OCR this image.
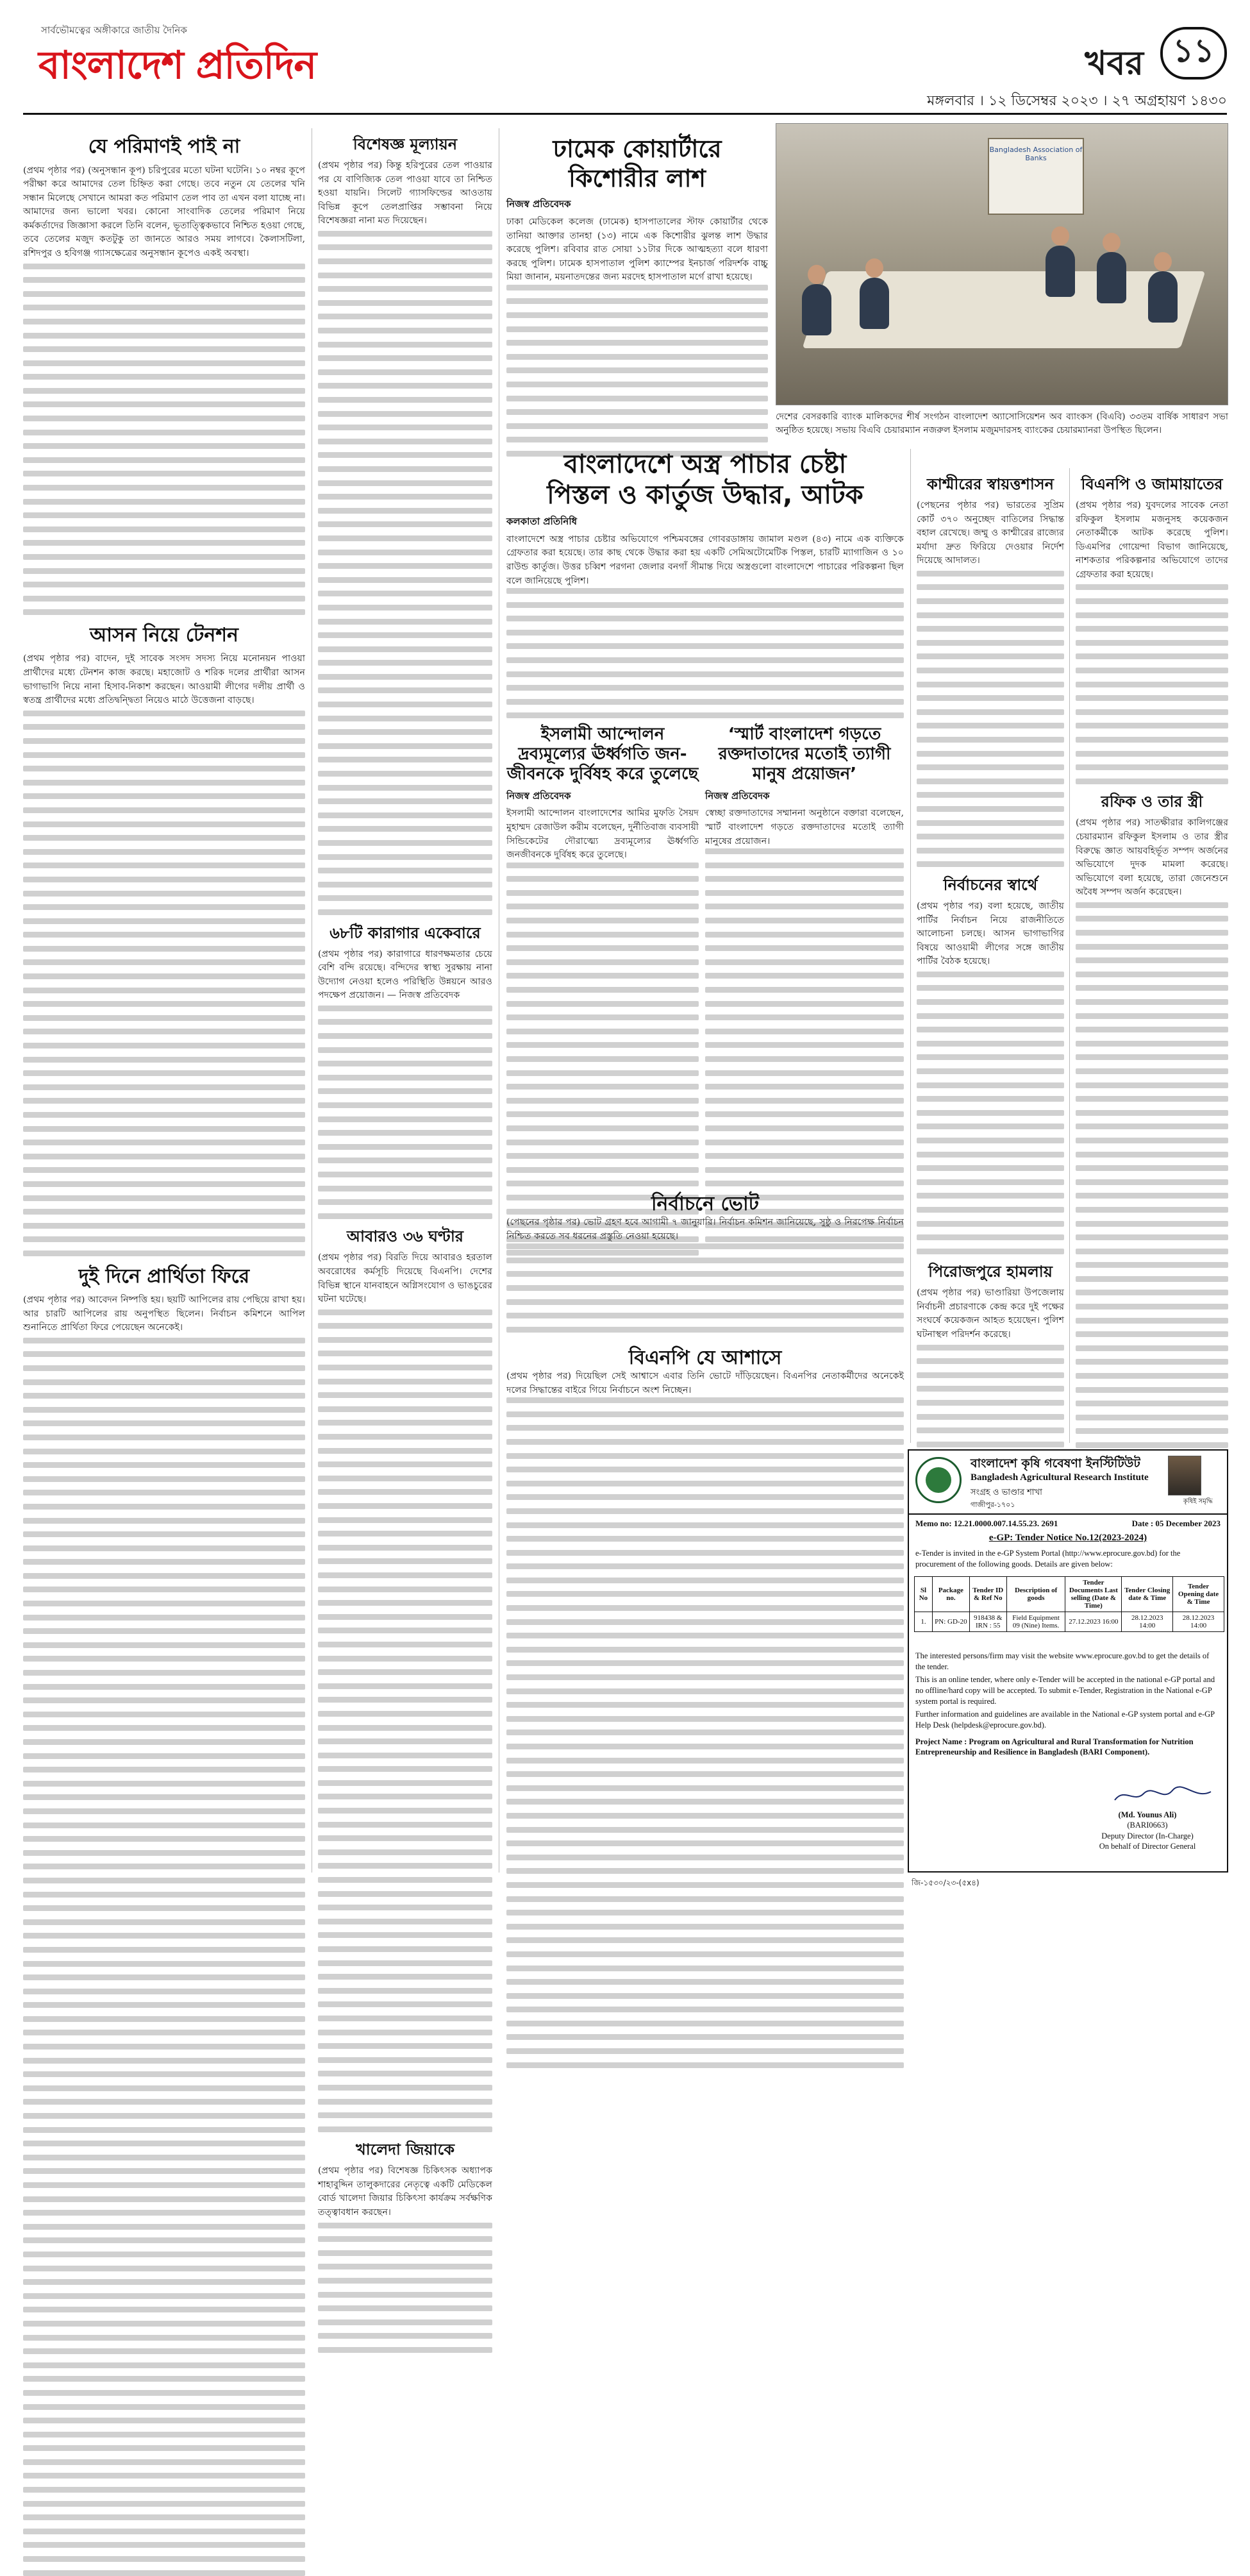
সার্বভৌমত্বের অঙ্গীকারে জাতীয় দৈনিক
বাংলাদেশ প্রতিদিন	খবর ১১
মঙ্গলবার । ১২ ডিসেম্বর ২০২৩ । ২৭ অগ্রহায়ণ ১৪৩০
যে পরিমাণই পাই না

(প্রথম পৃষ্ঠার পর) (অনুসন্ধান কূপ) চরিপুরের মতো ঘটনা ঘটেনি। ১০ নম্বর কূপে পরীক্ষা করে আমাদের তেল চিহ্নিত করা গেছে। তবে নতুন যে তেলের খনি সন্ধান মিলেছে সেখানে আমরা কত পরিমাণ তেল পাব তা এখন বলা যাচ্ছে না। আমাদের জন্য ভালো খবর। কোনো সাংবাদিক তেলের পরিমাণ নিয়ে কর্মকর্তাদের জিজ্ঞাসা করলে তিনি বলেন, ভূতাত্ত্বিকভাবে নিশ্চিত হওয়া গেছে, তবে তেলের মজুদ কতটুকু তা জানতে আরও সময় লাগবে। কৈলাসটিলা, রশিদপুর ও হবিগঞ্জ গ্যাসক্ষেত্রের অনুসন্ধান কূপেও একই অবস্থা।

আসন নিয়ে টেনশন

(প্রথম পৃষ্ঠার পর) বাদেন, দুই সাবেক সংসদ সদস্য নিয়ে মনোনয়ন পাওয়া প্রার্থীদের মধ্যে টেনশন কাজ করছে। মহাজোট ও শরিক দলের প্রার্থীরা আসন ভাগাভাগি নিয়ে নানা হিসাব-নিকাশ করছেন। আওয়ামী লীগের দলীয় প্রার্থী ও স্বতন্ত্র প্রার্থীদের মধ্যে প্রতিদ্বন্দ্বিতা নিয়েও মাঠে উত্তেজনা বাড়ছে।

দুই দিনে প্রার্থিতা ফিরে

(প্রথম পৃষ্ঠার পর) আবেদন নিষ্পত্তি হয়। ছয়টি আপিলের রায় পেছিয়ে রাখা হয়। আর চারটি আপিলের রায় অনুপস্থিত ছিলেন। নির্বাচন কমিশনে আপিল শুনানিতে প্রার্থিতা ফিরে পেয়েছেন অনেকেই।

বিশেষজ্ঞ মূল্যায়ন

(প্রথম পৃষ্ঠার পর) কিন্তু হরিপুরের তেল পাওয়ার পর যে বাণিজ্যিক তেল পাওয়া যাবে তা নিশ্চিত হওয়া যায়নি। সিলেট গ্যাসফিল্ডের আওতায় বিভিন্ন কূপে তেলপ্রাপ্তির সম্ভাবনা নিয়ে বিশেষজ্ঞরা নানা মত দিয়েছেন।

৬৮টি কারাগার একেবারে

(প্রথম পৃষ্ঠার পর) কারাগারে ধারণক্ষমতার চেয়ে বেশি বন্দি রয়েছে। বন্দিদের স্বাস্থ্য সুরক্ষায় নানা উদ্যোগ নেওয়া হলেও পরিস্থিতি উন্নয়নে আরও পদক্ষেপ প্রয়োজন। — নিজস্ব প্রতিবেদক

আবারও ৩৬ ঘণ্টার

(প্রথম পৃষ্ঠার পর) বিরতি দিয়ে আবারও হরতাল অবরোধের কর্মসূচি দিয়েছে বিএনপি। দেশের বিভিন্ন স্থানে যানবাহনে অগ্নিসংযোগ ও ভাঙচুরের ঘটনা ঘটেছে।

খালেদা জিয়াকে

(প্রথম পৃষ্ঠার পর) বিশেষজ্ঞ চিকিৎসক অধ্যাপক শাহাবুদ্দিন তালুকদারের নেতৃত্বে একটি মেডিকেল বোর্ড খালেদা জিয়ার চিকিৎসা কার্যক্রম সর্বক্ষণিক তত্ত্বাবধান করছেন।

ঢামেক কোয়ার্টারে
কিশোরীর লাশ
নিজস্ব প্রতিবেদক

ঢাকা মেডিকেল কলেজ (ঢামেক) হাসপাতালের স্টাফ কোয়ার্টার থেকে তানিয়া আক্তার তানহা (১৩) নামে এক কিশোরীর ঝুলন্ত লাশ উদ্ধার করেছে পুলিশ। রবিবার রাত সোয়া ১১টার দিকে আত্মহত্যা বলে ধারণা করছে পুলিশ। ঢামেক হাসপাতাল পুলিশ ক্যাম্পের ইনচার্জ পরিদর্শক বাচ্চু মিয়া জানান, ময়নাতদন্তের জন্য মরদেহ হাসপাতাল মর্গে রাখা হয়েছে।

Bangladesh Association of Banks
দেশের বেসরকারি ব্যাংক মালিকদের শীর্ষ সংগঠন বাংলাদেশ অ্যাসোসিয়েশন অব ব্যাংকস (বিএবি) ৩৩তম বার্ষিক সাধারণ সভা অনুষ্ঠিত হয়েছে। সভায় বিএবি চেয়ারম্যান নজরুল ইসলাম মজুমদারসহ ব্যাংকের চেয়ারম্যানরা উপস্থিত ছিলেন।
বাংলাদেশে অস্ত্র পাচার চেষ্টা
পিস্তল ও কার্তুজ উদ্ধার, আটক
কলকাতা প্রতিনিধি

বাংলাদেশে অস্ত্র পাচার চেষ্টার অভিযোগে পশ্চিমবঙ্গের গোবরডাঙ্গায় জামাল মণ্ডল (৪৩) নামে এক ব্যক্তিকে গ্রেফতার করা হয়েছে। তার কাছ থেকে উদ্ধার করা হয় একটি সেমিঅটোমেটিক পিস্তল, চারটি ম্যাগাজিন ও ১০ রাউন্ড কার্তুজ। উত্তর চব্বিশ পরগনা জেলার বনগাঁ সীমান্ত দিয়ে অস্ত্রগুলো বাংলাদেশে পাচারের পরিকল্পনা ছিল বলে জানিয়েছে পুলিশ।

ইসলামী আন্দোলন দ্রব্যমূল্যের ঊর্ধ্বগতি জন-জীবনকে দুর্বিষহ করে তুলেছে
নিজস্ব প্রতিবেদক

ইসলামী আন্দোলন বাংলাদেশের আমির মুফতি সৈয়দ মুহাম্মদ রেজাউল করীম বলেছেন, দুর্নীতিবাজ ব্যবসায়ী সিন্ডিকেটের দৌরাত্ম্যে দ্রব্যমূল্যের ঊর্ধ্বগতি জনজীবনকে দুর্বিষহ করে তুলেছে।

‘স্মার্ট বাংলাদেশ গড়তে রক্তদাতাদের মতোই ত্যাগী মানুষ প্রয়োজন’
নিজস্ব প্রতিবেদক

স্বেচ্ছা রক্তদাতাদের সম্মাননা অনুষ্ঠানে বক্তারা বলেছেন, স্মার্ট বাংলাদেশ গড়তে রক্তদাতাদের মতোই ত্যাগী মানুষের প্রয়োজন।

নির্বাচনে ভোট

(পেছনের পৃষ্ঠার পর) ভোট গ্রহণ হবে আগামী ৭ জানুয়ারি। নির্বাচন কমিশন জানিয়েছে, সুষ্ঠু ও নিরপেক্ষ নির্বাচন নিশ্চিত করতে সব ধরনের প্রস্তুতি নেওয়া হয়েছে।

বিএনপি যে আশাসে

(প্রথম পৃষ্ঠার পর) দিয়েছিল সেই আশ্বাসে এবার তিনি ভোটে দাঁড়িয়েছেন। বিএনপির নেতাকর্মীদের অনেকেই দলের সিদ্ধান্তের বাইরে গিয়ে নির্বাচনে অংশ নিচ্ছেন।

কাশ্মীরের স্বায়ত্তশাসন

(পেছনের পৃষ্ঠার পর) ভারতের সুপ্রিম কোর্ট ৩৭০ অনুচ্ছেদ বাতিলের সিদ্ধান্ত বহাল রেখেছে। জম্মু ও কাশ্মীরের রাজ্যের মর্যাদা দ্রুত ফিরিয়ে দেওয়ার নির্দেশ দিয়েছে আদালত।

নির্বাচনের স্বার্থে

(প্রথম পৃষ্ঠার পর) বলা হয়েছে, জাতীয় পার্টির নির্বাচন নিয়ে রাজনীতিতে আলোচনা চলছে। আসন ভাগাভাগির বিষয়ে আওয়ামী লীগের সঙ্গে জাতীয় পার্টির বৈঠক হয়েছে।

পিরোজপুরে হামলায়

(প্রথম পৃষ্ঠার পর) ভাণ্ডারিয়া উপজেলায় নির্বাচনী প্রচারণাকে কেন্দ্র করে দুই পক্ষের সংঘর্ষে কয়েকজন আহত হয়েছেন। পুলিশ ঘটনাস্থল পরিদর্শন করেছে।

বিএনপি ও জামায়াতের

(প্রথম পৃষ্ঠার পর) যুবদলের সাবেক নেতা রফিকুল ইসলাম মজনুসহ কয়েকজন নেতাকর্মীকে আটক করেছে পুলিশ। ডিএমপির গোয়েন্দা বিভাগ জানিয়েছে, নাশকতার পরিকল্পনার অভিযোগে তাদের গ্রেফতার করা হয়েছে।

রফিক ও তার স্ত্রী

(প্রথম পৃষ্ঠার পর) সাতক্ষীরার কালিগঞ্জের চেয়ারম্যান রফিকুল ইসলাম ও তার স্ত্রীর বিরুদ্ধে জ্ঞাত আয়বহির্ভূত সম্পদ অর্জনের অভিযোগে দুদক মামলা করেছে। অভিযোগে বলা হয়েছে, তারা জেনেশুনে অবৈধ সম্পদ অর্জন করেছেন।

বাংলাদেশ কৃষি গবেষণা ইনস্টিটিউট
Bangladesh Agricultural Research Institute
সংগ্রহ ও ভাণ্ডার শাখা
গাজীপুর-১৭০১	কৃষিই সমৃদ্ধি
Memo no: 12.21.0000.007.14.55.23. 2691	Date : 05 December 2023
e-GP: Tender Notice No.12(2023-2024)
e-Tender is invited in the e-GP System Portal (http://www.eprocure.gov.bd) for the procurement of the following goods. Details are given below:
Sl No	Package no.	Tender ID & Ref No	Description of goods	Tender Documents Last selling (Date & Time)	Tender Closing date & Time	Tender Opening date & Time
1.	PN: GD-20	918438 & IRN : 55	Field Equipment 09 (Nine) Items.	27.12.2023 16:00	28.12.2023 14:00	28.12.2023 14:00

The interested persons/firm may visit the website www.eprocure.gov.bd to get the details of the tender.

This is an online tender, where only e-Tender will be accepted in the national e-GP portal and no offline/hard copy will be accepted. To submit e-Tender, Registration in the National e-GP system portal is required.

Further information and guidelines are available in the National e-GP system portal and e-GP Help Desk (helpdesk@eprocure.gov.bd).

Project Name : Program on Agricultural and Rural Transformation for Nutrition Entrepreneurship and Resilience in Bangladesh (BARI Component).
(Md. Younus Ali)
(BARI0663)
Deputy Director (In-Charge)
On behalf of Director General
জি-১৫৩০/২৩-(৫x৪)
